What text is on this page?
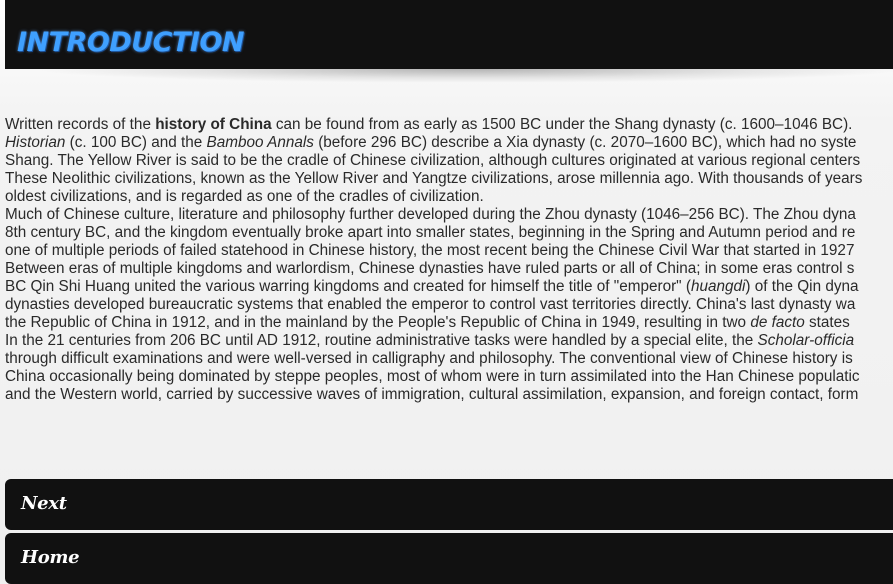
INTRODUCTION

Written records of the history of China can be found from as early as 1500 BC under the Shang dynasty (c. 1600–1046 BC).
Historian (c. 100 BC) and the Bamboo Annals (before 296 BC) describe a Xia dynasty (c. 2070–1600 BC), which had no syste
Shang. The Yellow River is said to be the cradle of Chinese civilization, although cultures originated at various regional centers
These Neolithic civilizations, known as the Yellow River and Yangtze civilizations, arose millennia ago. With thousands of years
oldest civilizations, and is regarded as one of the cradles of civilization.

Much of Chinese culture, literature and philosophy further developed during the Zhou dynasty (1046–256 BC). The Zhou dyna
8th century BC, and the kingdom eventually broke apart into smaller states, beginning in the Spring and Autumn period and re
one of multiple periods of failed statehood in Chinese history, the most recent being the Chinese Civil War that started in 1927

Between eras of multiple kingdoms and warlordism, Chinese dynasties have ruled parts or all of China; in some eras control s
BC Qin Shi Huang united the various warring kingdoms and created for himself the title of "emperor" (huangdi) of the Qin dyna
dynasties developed bureaucratic systems that enabled the emperor to control vast territories directly. China's last dynasty wa
the Republic of China in 1912, and in the mainland by the People's Republic of China in 1949, resulting in two de facto states

In the 21 centuries from 206 BC until AD 1912, routine administrative tasks were handled by a special elite, the Scholar-officia
through difficult examinations and were well-versed in calligraphy and philosophy. The conventional view of Chinese history is
China occasionally being dominated by steppe peoples, most of whom were in turn assimilated into the Han Chinese populatic
and the Western world, carried by successive waves of immigration, cultural assimilation, expansion, and foreign contact, form

Next
Home
